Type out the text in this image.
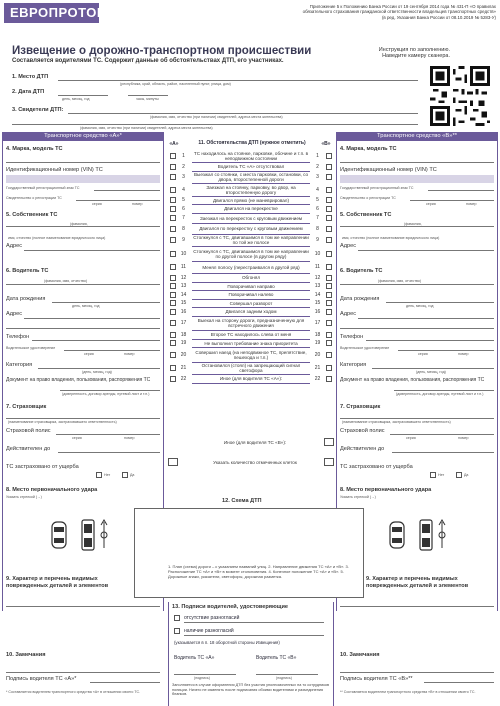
ЕВРОПРОТОКОЛ	Приложение 5 к Положению Банка России от 19 сентября 2014 года № 431-П «О правилах обязательного страхования гражданской ответственности владельцев транспортных средств» (в ред. Указания Банка России от 08.10.2019 № 5283-У)
Извещение о дорожно-транспортном происшествии
Составляется водителями ТС. Содержит данные об обстоятельствах ДТП, его участниках.
Инструкция по заполнению. Наведите камеру сканера.
1. Место ДТП
(республика, край, область, район, населенный пункт, улица, дом)
2. Дата ДТП
день, месяц, год	часы, минуты
3. Свидетели ДТП:
(фамилия, имя, отчество (при наличии) свидетелей, адреса места жительства)
(фамилия, имя, отчество (при наличии) свидетелей, адреса места жительства)
Транспортное средство «А»*	Транспортное средство «В»**
4. Марка, модель ТС
Идентификационный номер (VIN) ТС
Государственный регистрационный знак ТС
Свидетельство о регистрации ТС
серия	номер
5. Собственник ТС
(фамилия,
имя, отчество (полное наименование юридического лица)
Адрес
6. Водитель ТС
(фамилия, имя, отчество)
Дата рождения
день, месяц, год
Адрес
Телефон
Водительское удостоверение
серия	номер
Категория
(день, месяц, год)
Документ на право владения, пользования, распоряжения ТС
(доверенность, договор аренды, путевой лист и т.п.)
7. Страховщик
(наименование страховщика, застраховавшего ответственность)
Страховой полис
серия	номер
Действителен до
ТС застраховано от ущерба
Нет	Да
8. Место первоначального удара
Указать стрелкой (→)
9. Характер и перечень видимых поврежденных деталей и элементов
10. Замечания
Подпись водителя ТС «А»*
* Составляется водителем транспортного средства «А» в отношении своего ТС.
4. Марка, модель ТС
Идентификационный номер (VIN) ТС
Государственный регистрационный знак ТС
Свидетельство о регистрации ТС
серия	номер
5. Собственник ТС
(фамилия,
имя, отчество (полное наименование юридического лица)
Адрес
6. Водитель ТС
(фамилия, имя, отчество)
Дата рождения
день, месяц, год
Адрес
Телефон
Водительское удостоверение
серия	номер
Категория
(день, месяц, год)
Документ на право владения, пользования, распоряжения ТС
(доверенность, договор аренды, путевой лист и т.п.)
7. Страховщик
(наименование страховщика, застраховавшего ответственность)
Страховой полис
серия	номер
Действителен до
ТС застраховано от ущерба
Нет	Да
8. Место первоначального удара
Указать стрелкой (→)
9. Характер и перечень видимых поврежденных деталей и элементов
10. Замечания
Подпись водителя ТС «В»**
** Составляется водителем транспортного средства «В» в отношении своего ТС.
«А»	11. Обстоятельства ДТП (нужное отметить)	«В»
1	ТС находилось на стоянке, парковке, обочине и т.п. в неподвижном состоянии	1
2	Водитель ТС «А» отсутствовал	2
3	Выезжал со стоянки, с места парковки, остановки, со двора, второстепенной дороги	3
4	Заезжал на стоянку, парковку, во двор, на второстепенную дорогу	4
5	Двигался прямо (не маневрировал)	5
6	Двигался на перекрестке	6
7	Заезжал на перекресток с круговым движением	7
8	Двигался по перекрестку с круговым движением	8
9	Столкнулся с ТС, двигавшимся в том же направлении по той же полосе	9
10	Столкнулся с ТС, двигавшимся в том же направлении по другой полосе (в другом ряду)	10
11	Менял полосу (перестраивался в другой ряд)	11
12	Обгонял	12
13	Поворачивал направо	13
14	Поворачивал налево	14
15	Совершал разворот	15
16	Двигался задним ходом	16
17	Выехал на сторону дороги, предназначенную для встречного движения	17
18	Второе ТС находилось слева от меня	18
19	Не выполнил требование знака приоритета	19
20	Совершил наезд (на неподвижное ТС, препятствие, пешехода и т.п.)	20
21	Остановился (стоял) на запрещающий сигнал светофора	21
22	Иное (для водителя ТС «А»):	22
Иное (для водителя ТС «В»):
Указать количество отмеченных клеток
12. Схема ДТП
1. План (схема) дороги – с указанием названий улиц. 2. Направление движения ТС «А» и «В». 3. Расположение ТС «А» и «В» в момент столкновения. 4. Конечное положение ТС «А» и «В». 5. Дорожные знаки, указатели, светофоры, дорожная разметка.
13. Подписи водителей, удостоверяющие
отсутствие разногласий
наличие разногласий
(указывается в п. 18 оборотной стороны Извещения)
Водитель ТС «А»	Водитель ТС «В»
(подпись)	(подпись)
Заполняется в случае оформления ДТП без участия уполномоченных на то сотрудников полиции. Ничего не изменять после подписания обоими водителями и разъединения бланков.
